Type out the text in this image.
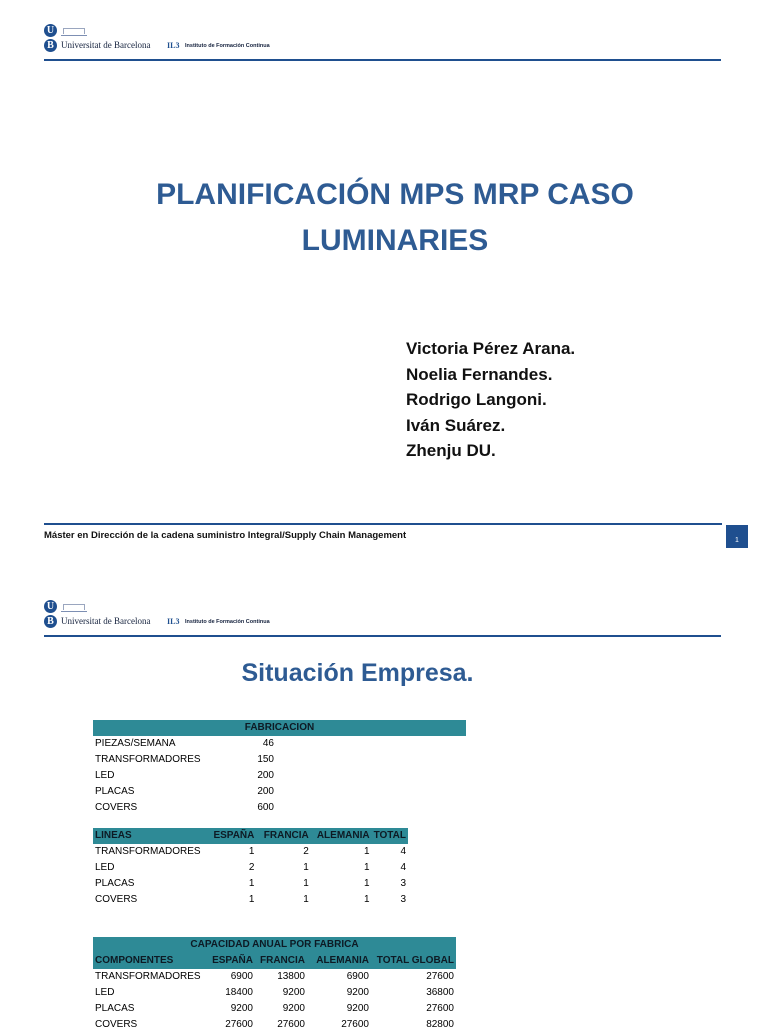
U
B Universitat de Barcelona IL3 Instituto de Formación Continua
PLANIFICACIÓN MPS MRP CASO
LUMINARIES
Victoria Pérez Arana.
Noelia Fernandes.
Rodrigo Langoni.
Iván Suárez.
Zhenju DU.
Máster en Dirección de la cadena suministro Integral/Supply Chain Management	1
U
B Universitat de Barcelona IL3 Instituto de Formación Continua
Situación Empresa.
FABRICACION		
PIEZAS/SEMANA	46	
TRANSFORMADORES	150	
LED	200	
PLACAS	200	
COVERS	600	
LINEAS	ESPAÑA	FRANCIA	ALEMANIA	TOTAL
TRANSFORMADORES	1	2	1	4
LED	2	1	1	4
PLACAS	1	1	1	3
COVERS	1	1	1	3
CAPACIDAD ANUAL POR FABRICA				
COMPONENTES	ESPAÑA	FRANCIA	ALEMANIA	TOTAL GLOBAL
TRANSFORMADORES	6900	13800	6900	27600
LED	18400	9200	9200	36800
PLACAS	9200	9200	9200	27600
COVERS	27600	27600	27600	82800
